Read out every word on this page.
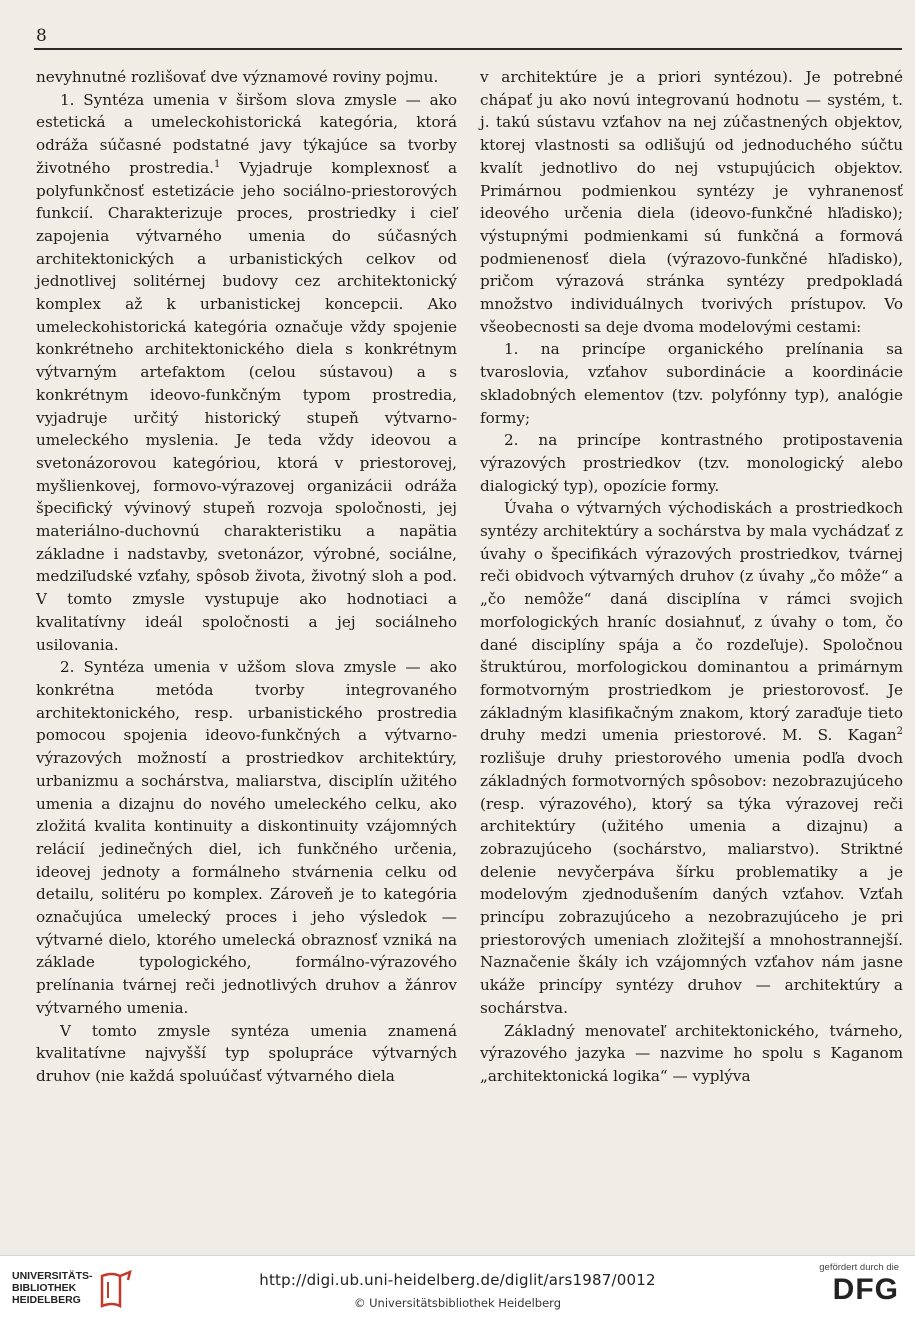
8

nevyhnutné rozlišovať dve významové roviny pojmu.

1. Syntéza umenia v širšom slova zmysle — ako estetická a umeleckohistorická kategória, ktorá odráža súčasné podstatné javy týkajúce sa tvorby životného prostredia.$^1$ Vyjadruje komplexnosť a polyfunkčnosť estetizácie jeho sociálno-priestorových funkcií. Charakterizuje proces, prostriedky i cieľ zapojenia výtvarného umenia do súčasných architektonických a urbanistických celkov od jednotlivej solitérnej budovy cez architektonický komplex až k urbanistickej koncepcii. Ako umeleckohistorická kategória označuje vždy spojenie konkrétneho architektonického diela s konkrétnym výtvarným artefaktom (celou sústavou) a s konkrétnym ideovo-funkčným typom prostredia, vyjadruje určitý historický stupeň výtvarno-umeleckého myslenia. Je teda vždy ideovou a svetonázorovou kategóriou, ktorá v priestorovej, myšlienkovej, formovo-výrazovej organizácii odráža špecifický vývinový stupeň rozvoja spoločnosti, jej materiálno-duchovnú charakteristiku a napätia základne i nadstavby, svetonázor, výrobné, sociálne, medziľudské vzťahy, spôsob života, životný sloh a pod. V tomto zmysle vystupuje ako hodnotiaci a kvalitatívny ideál spoločnosti a jej sociálneho usilovania.

2. Syntéza umenia v užšom slova zmysle — ako konkrétna metóda tvorby integrovaného architektonického, resp. urbanistického prostredia pomocou spojenia ideovo-funkčných a výtvarno-výrazových možností a prostriedkov architektúry, urbanizmu a sochárstva, maliarstva, disciplín užitého umenia a dizajnu do nového umeleckého celku, ako zložitá kvalita kontinuity a diskontinuity vzájomných relácií jedinečných diel, ich funkčného určenia, ideovej jednoty a formálneho stvárnenia celku od detailu, solitéru po komplex. Zároveň je to kategória označujúca umelecký proces i jeho výsledok — výtvarné dielo, ktorého umelecká obraznosť vzniká na základe typologického, formálno-výrazového prelínania tvárnej reči jednotlivých druhov a žánrov výtvarného umenia.

V tomto zmysle syntéza umenia znamená kvalitatívne najvyšší typ spolupráce výtvarných druhov (nie každá spoluúčasť výtvarného diela

v architektúre je a priori syntézou). Je potrebné chápať ju ako novú integrovanú hodnotu — systém, t. j. takú sústavu vzťahov na nej zúčastnených objektov, ktorej vlastnosti sa odlišujú od jednoduchého súčtu kvalít jednotlivo do nej vstupujúcich objektov. Primárnou podmienkou syntézy je vyhranenosť ideového určenia diela (ideovo-funkčné hľadisko); výstupnými podmienkami sú funkčná a formová podmienenosť diela (výrazovo-funkčné hľadisko), pričom výrazová stránka syntézy predpokladá množstvo individuálnych tvorivých prístupov. Vo všeobecnosti sa deje dvoma modelovými cestami:

1. na princípe organického prelínania sa tvaroslovia, vzťahov subordinácie a koordinácie skladobných elementov (tzv. polyfónny typ), analógie formy;

2. na princípe kontrastného protipostavenia výrazových prostriedkov (tzv. monologický alebo dialogický typ), opozície formy.

Úvaha o výtvarných východiskách a prostriedkoch syntézy architektúry a sochárstva by mala vychádzať z úvahy o špecifikách výrazových prostriedkov, tvárnej reči obidvoch výtvarných druhov (z úvahy „čo môže“ a „čo nemôže“ daná disciplína v rámci svojich morfologických hraníc dosiahnuť, z úvahy o tom, čo dané disciplíny spája a čo rozdeľuje). Spoločnou štruktúrou, morfologickou dominantou a primárnym formotvorným prostriedkom je priestorovosť. Je základným klasifikačným znakom, ktorý zaraďuje tieto druhy medzi umenia priestorové. M. S. Kagan$^2$ rozlišuje druhy priestorového umenia podľa dvoch základných formotvorných spôsobov: nezobrazujúceho (resp. výrazového), ktorý sa týka výrazovej reči architektúry (užitého umenia a dizajnu) a zobrazujúceho (sochárstvo, maliarstvo). Striktné delenie nevyčerpáva šírku problematiky a je modelovým zjednodušením daných vzťahov. Vzťah princípu zobrazujúceho a nezobrazujúceho je pri priestorových umeniach zložitejší a mnohostrannejší. Naznačenie škály ich vzájomných vzťahov nám jasne ukáže princípy syntézy druhov — architektúry a sochárstva.

Základný menovateľ architektonického, tvárneho, výrazového jazyka — nazvime ho spolu s Kaganom „architektonická logika“ — vyplýva

UNIVERSITÄTS-
BIBLIOTHEK
HEIDELBERG
http://digi.ub.uni-heidelberg.de/diglit/ars1987/0012
© Universitätsbibliothek Heidelberg
gefördert durch die
DFG
